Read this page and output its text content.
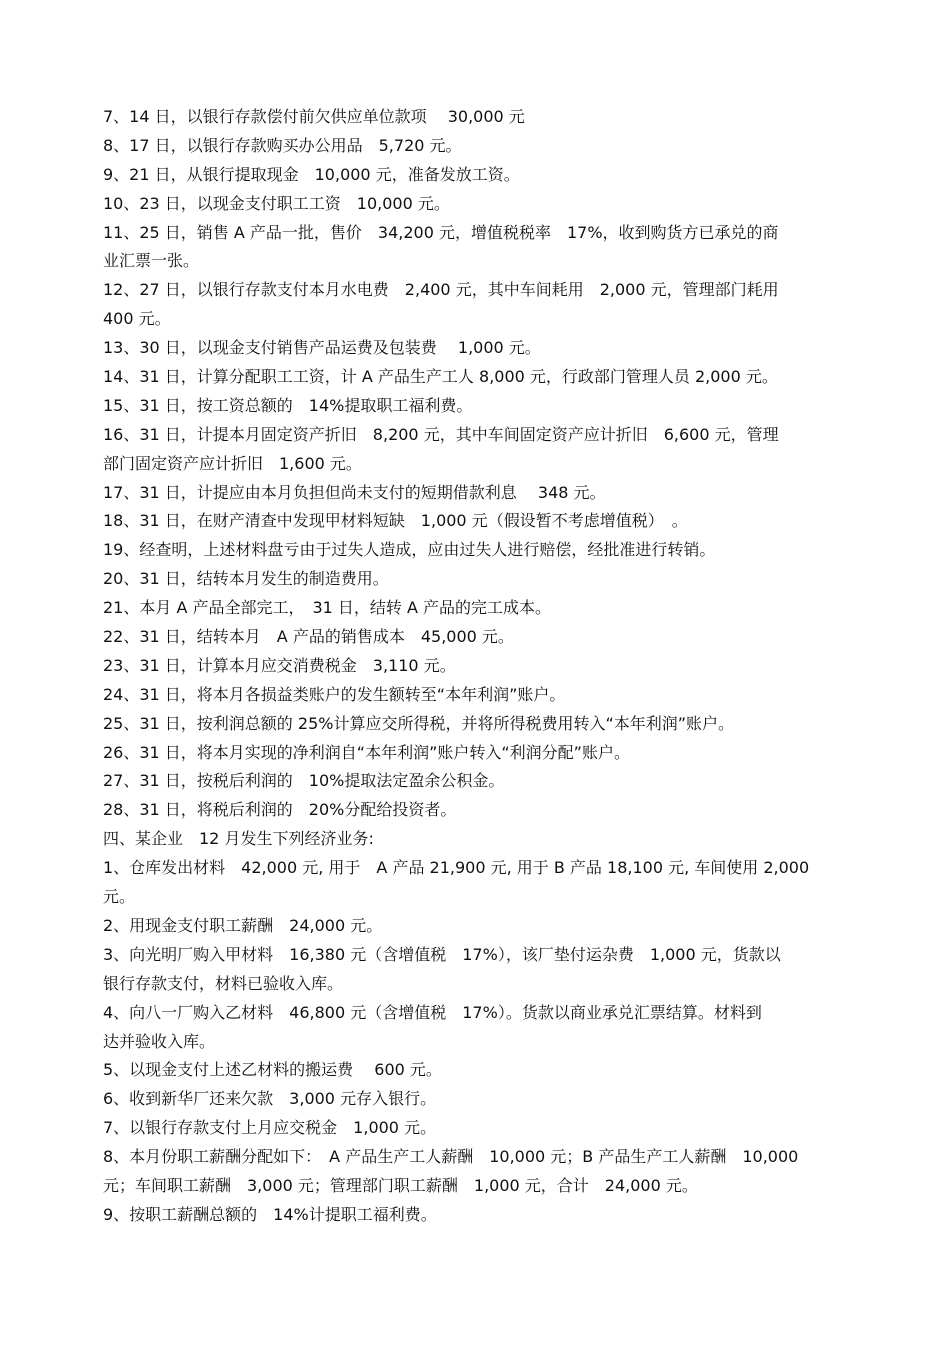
7、14 日，以银行存款偿付前欠供应单位款项　 30,000 元
8、17 日，以银行存款购买办公用品　5,720 元。
9、21 日，从银行提取现金　10,000 元，准备发放工资。
10、23 日，以现金支付职工工资　10,000 元。
11、25 日，销售 A 产品一批，售价　34,200 元，增值税税率　17%，收到购货方已承兑的商
业汇票一张。
12、27 日，以银行存款支付本月水电费　2,400 元，其中车间耗用　2,000 元，管理部门耗用
400 元。
13、30 日，以现金支付销售产品运费及包装费　 1,000 元。
14、31 日，计算分配职工工资，计 A 产品生产工人 8,000 元，行政部门管理人员 2,000 元。
15、31 日，按工资总额的　14%提取职工福利费。
16、31 日，计提本月固定资产折旧　8,200 元，其中车间固定资产应计折旧　6,600 元，管理
部门固定资产应计折旧　1,600 元。
17、31 日，计提应由本月负担但尚未支付的短期借款利息　 348 元。
18、31 日，在财产清查中发现甲材料短缺　1,000 元（假设暂不考虑增值税）　。
19、经查明，上述材料盘亏由于过失人造成，应由过失人进行赔偿，经批准进行转销。
20、31 日，结转本月发生的制造费用。
21、本月 A 产品全部完工，　31 日，结转 A 产品的完工成本。
22、31 日，结转本月　A 产品的销售成本　45,000 元。
23、31 日，计算本月应交消费税金　3,110 元。
24、31 日，将本月各损益类账户的发生额转至“本年利润”账户。
25、31 日，按利润总额的 25%计算应交所得税，并将所得税费用转入“本年利润”账户。
26、31 日，将本月实现的净利润自“本年利润”账户转入“利润分配”账户。
27、31 日，按税后利润的　10%提取法定盈余公积金。
28、31 日，将税后利润的　20%分配给投资者。
四、某企业　12 月发生下列经济业务:
1、仓库发出材料　42,000 元, 用于　A 产品 21,900 元, 用于 B 产品 18,100 元, 车间使用 2,000
元。
2、用现金支付职工薪酬　24,000 元。
3、向光明厂购入甲材料　16,380 元（含增值税　17%），该厂垫付运杂费　1,000 元，货款以
银行存款支付，材料已验收入库。
4、向八一厂购入乙材料　46,800 元（含增值税　17%）。货款以商业承兑汇票结算。材料到
达并验收入库。
5、以现金支付上述乙材料的搬运费　 600 元。
6、收到新华厂还来欠款　3,000 元存入银行。
7、以银行存款支付上月应交税金　1,000 元。
8、本月份职工薪酬分配如下：　A 产品生产工人薪酬　10,000 元；B 产品生产工人薪酬　10,000
元；车间职工薪酬　3,000 元；管理部门职工薪酬　1,000 元，合计　24,000 元。
9、按职工薪酬总额的　14%计提职工福利费。
